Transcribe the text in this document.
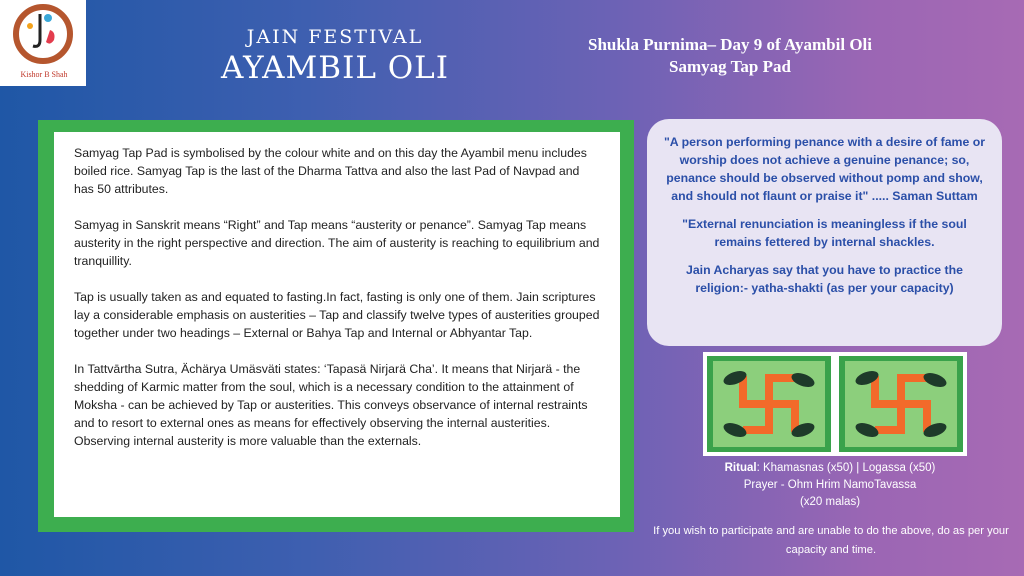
Kishor B Shah
JAIN FESTIVAL
AYAMBIL OLI
Shukla Purnima– Day 9 of Ayambil Oli
Samyag Tap Pad

Samyag Tap Pad is symbolised by the colour white and on this day the Ayambil menu includes boiled rice. Samyag Tap is the last of the Dharma Tattva and also the last Pad of Navpad and has 50 attributes.

Samyag in Sanskrit means “Right” and Tap means “austerity or penance”. Samyag Tap means austerity in the right perspective and direction. The aim of austerity is reaching to equilibrium and tranquillity.

Tap is usually taken as and equated to fasting.In fact, fasting is only one of them. Jain scriptures lay a considerable emphasis on austerities – Tap and classify twelve types of austerities grouped together under two headings – External or Bahya Tap and Internal or Abhyantar Tap.

In Tattvārtha Sutra, Ächärya Umäsväti states: ‘Tapasä Nirjarä Cha’. It means that Nirjarä - the shedding of Karmic matter from the soul, which is a necessary condition to the attainment of Moksha - can be achieved by Tap or austerities. This conveys observance of internal restraints and to resort to external ones as means for effectively observing the internal austerities. Observing internal austerity is more valuable than the externals.

"A person performing penance with a desire of fame or worship does not achieve a genuine penance; so, penance should be observed without pomp and show, and should not flaunt or praise it" ..... Saman Suttam

"External renunciation is meaningless if the soul remains fettered by internal shackles.

Jain Acharyas say that you have to practice the religion:- yatha-shakti (as per your capacity)

Ritual: Khamasnas (x50) | Logassa (x50)
Prayer - Ohm Hrim NamoTavassa
(x20 malas)
If you wish to participate and are unable to do the above, do as per your capacity and time.
